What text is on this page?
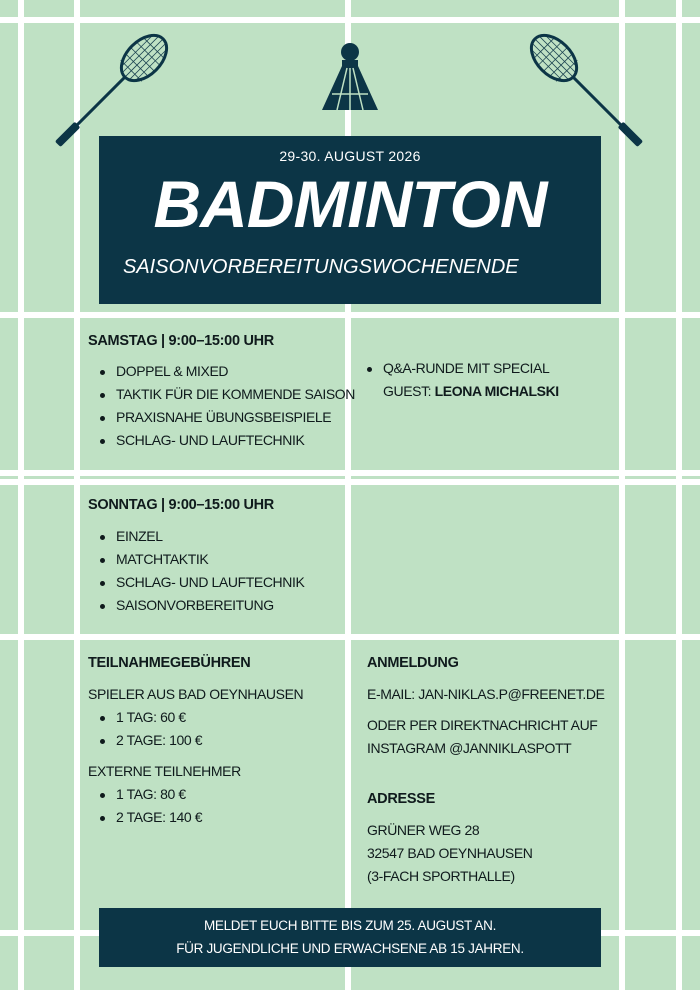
29-30. AUGUST 2026
BADMINTON
SAISONVORBEREITUNGSWOCHENENDE
SAMSTAG | 9:00–15:00 UHR
DOPPEL & MIXED
TAKTIK FÜR DIE KOMMENDE SAISON
PRAXISNAHE ÜBUNGSBEISPIELE
SCHLAG- UND LAUFTECHNIK
Q&A-RUNDE MIT SPECIAL
GUEST: LEONA MICHALSKI
SONNTAG | 9:00–15:00 UHR
EINZEL
MATCHTAKTIK
SCHLAG- UND LAUFTECHNIK
SAISONVORBEREITUNG
TEILNAHMEGEBÜHREN
SPIELER AUS BAD OEYNHAUSEN
1 TAG: 60 €
2 TAGE: 100 €
EXTERNE TEILNEHMER
1 TAG: 80 €
2 TAGE: 140 €
ANMELDUNG
E-MAIL: JAN-NIKLAS.P@FREENET.DE
ODER PER DIREKTNACHRICHT AUF
INSTAGRAM @JANNIKLASPOTT
ADRESSE
GRÜNER WEG 28
32547 BAD OEYNHAUSEN
(3-FACH SPORTHALLE)
MELDET EUCH BITTE BIS ZUM 25. AUGUST AN.
FÜR JUGENDLICHE UND ERWACHSENE AB 15 JAHREN.
